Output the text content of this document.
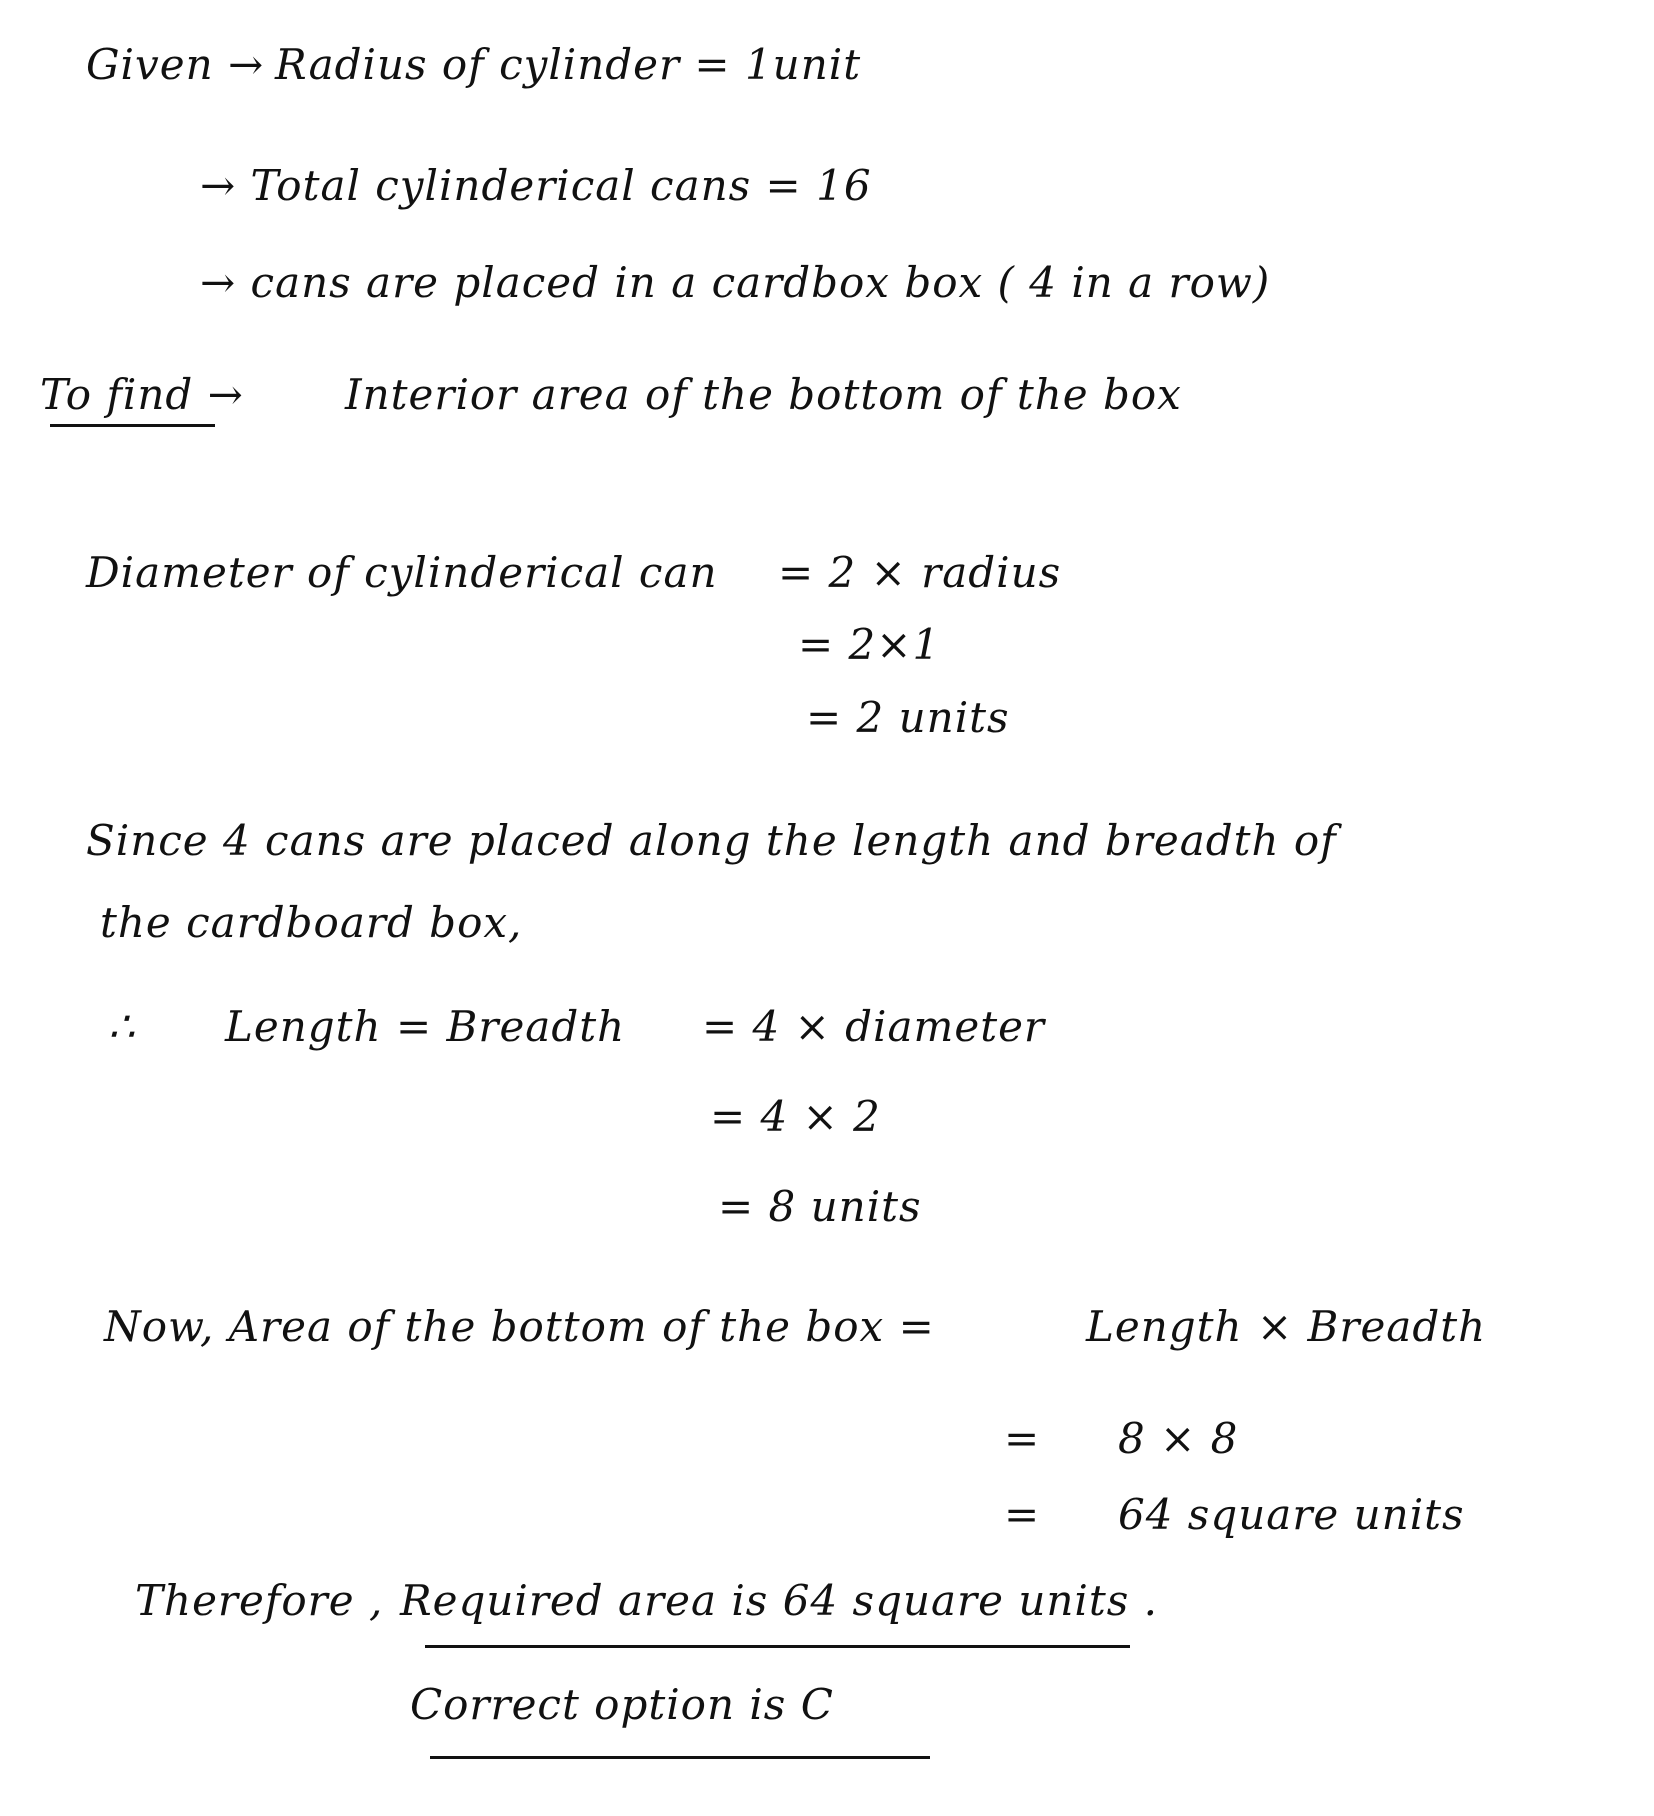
Given → Radius of cylinder = 1unit
→ Total cylinderical cans = 16
→ cans are placed in a cardbox box ( 4 in a row)
To find → Interior area of the bottom of the box
Diameter of cylinderical can = 2 × radius
= 2×1
= 2 units
Since 4 cans are placed along the length and breadth of
the cardboard box,
∴ Length = Breadth = 4 × diameter
= 4 × 2
= 8 units
Now, Area of the bottom of the box =	Length × Breadth
= 8 × 8
= 64 square units
Therefore , Required area is 64 square units .
Correct option is C
